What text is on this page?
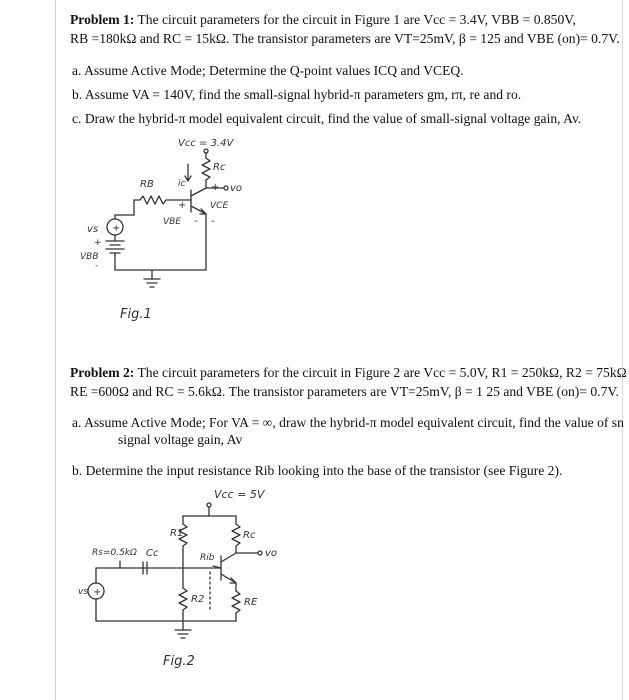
Problem 1: The circuit parameters for the circuit in Figure 1 are Vcc = 3.4V, VBB = 0.850V,
RB =180kΩ and RC = 15kΩ. The transistor parameters are VT=25mV, β = 125 and VBE (on)= 0.7V.
a. Assume Active Mode; Determine the Q-point values ICQ and VCEQ.
b. Assume VA = 140V, find the small-signal hybrid-π parameters gm, rπ, re and ro.
c. Draw the hybrid-π model equivalent circuit, find the value of small-signal voltage gain, Av.
Vcc = 3.4V
Rc
vo
ic
RB	+
VCE
-
+
VBE -
+
vs
+
VBB
-
Fig.1
Problem 2: The circuit parameters for the circuit in Figure 2 are Vcc = 5.0V, R1 = 250kΩ, R2 = 75kΩ
RE =600Ω and RC = 5.6kΩ. The transistor parameters are VT=25mV, β = 1 25 and VBE (on)= 0.7V.
a. Assume Active Mode; For VA = ∞, draw the hybrid-π model equivalent circuit, find the value of sn
signal voltage gain, Av
b. Determine the input resistance Rib looking into the base of the transistor (see Figure 2).
Vcc = 5V
R1	Rc
vo
Rs=0.5kΩ Cc	Rib
RE
R2
+
vs
Fig.2
